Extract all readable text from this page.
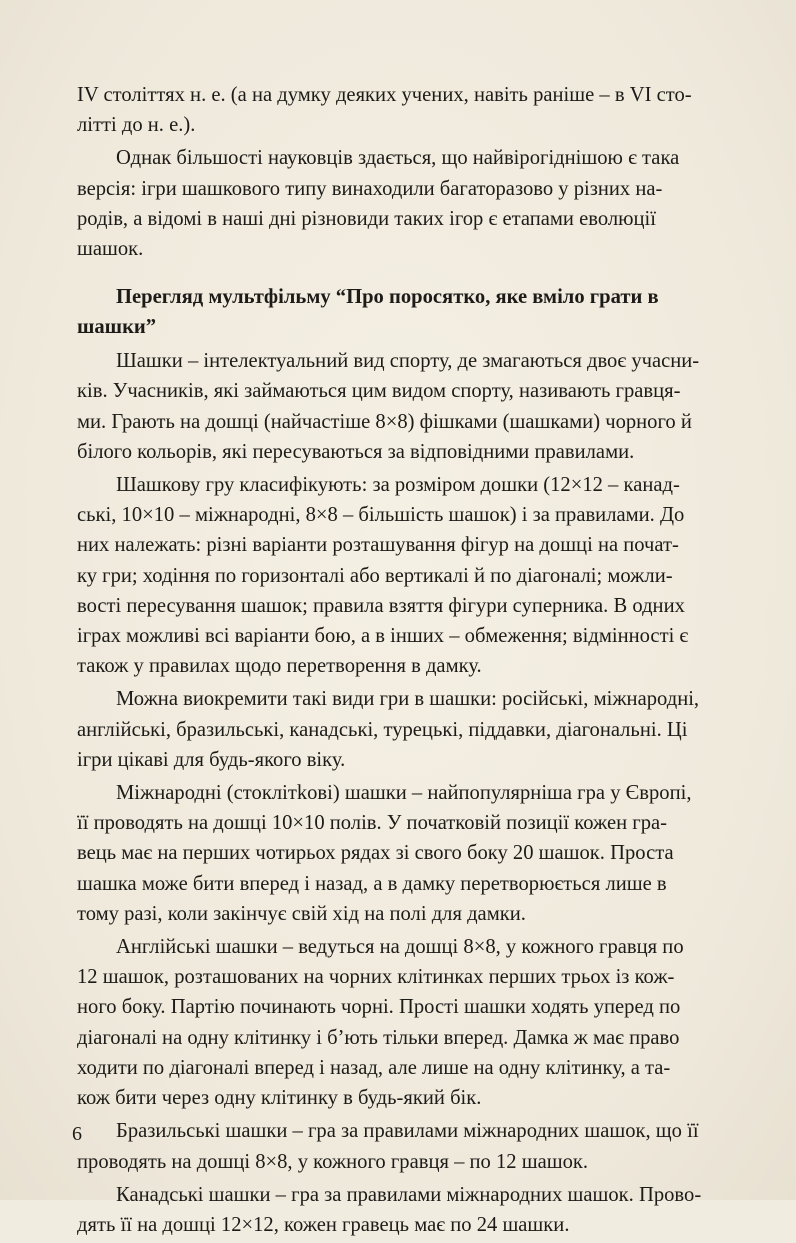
IV століттях н. е. (а на думку деяких учених, навіть раніше – в VI сто-
літті до н. е.).

Однак більшості науковців здається, що найвірогіднішою є така
версія: ігри шашкового типу винаходили багаторазово у різних на-
родів, а відомі в наші дні різновиди таких ігор є етапами еволюції
шашок.

Перегляд мультфільму “Про поросятко, яке вміло грати в
шашки”

Шашки – інтелектуальний вид спорту, де змагаються двоє учасни-
ків. Учасників, які займаються цим видом спорту, називають гравця-
ми. Грають на дошці (найчастіше 8×8) фішками (шашками) чорного й
білого кольорів, які пересуваються за відповідними правилами.

Шашкову гру класифікують: за розміром дошки (12×12 – канад-
ські, 10×10 – міжнародні, 8×8 – більшість шашок) і за правилами. До
них належать: різні варіанти розташування фігур на дошці на почат-
ку гри; ходіння по горизонталі або вертикалі й по діагоналі; можли-
вості пересування шашок; правила взяття фігури суперника. В одних
іграх можливі всі варіанти бою, а в інших – обмеження; відмінності є
також у правилах щодо перетворення в дамку.

Можна виокремити такі види гри в шашки: російські, міжнародні,
англійські, бразильські, канадські, турецькі, піддавки, діагональні. Ці
ігри цікаві для будь-якого віку.

Міжнародні (стоклітkові) шашки – найпопулярніша гра у Європі,
її проводять на дошці 10×10 полів. У початковій позиції кожен гра-
вець має на перших чотирьох рядах зі свого боку 20 шашок. Проста
шашка може бити вперед і назад, а в дамку перетворюється лише в
тому разі, коли закінчує свій хід на полі для дамки.

Англійські шашки – ведуться на дошці 8×8, у кожного гравця по
12 шашок, розташованих на чорних клітинках перших трьох із кож-
ного боку. Партію починають чорні. Прості шашки ходять уперед по
діагоналі на одну клітинку і б’ють тільки вперед. Дамка ж має право
ходити по діагоналі вперед і назад, але лише на одну клітинку, а та-
кож бити через одну клітинку в будь-який бік.

Бразильські шашки – гра за правилами міжнародних шашок, що її
проводять на дошці 8×8, у кожного гравця – по 12 шашок.

Канадські шашки – гра за правилами міжнародних шашок. Прово-
дять її на дошці 12×12, кожен гравець має по 24 шашки.

6
